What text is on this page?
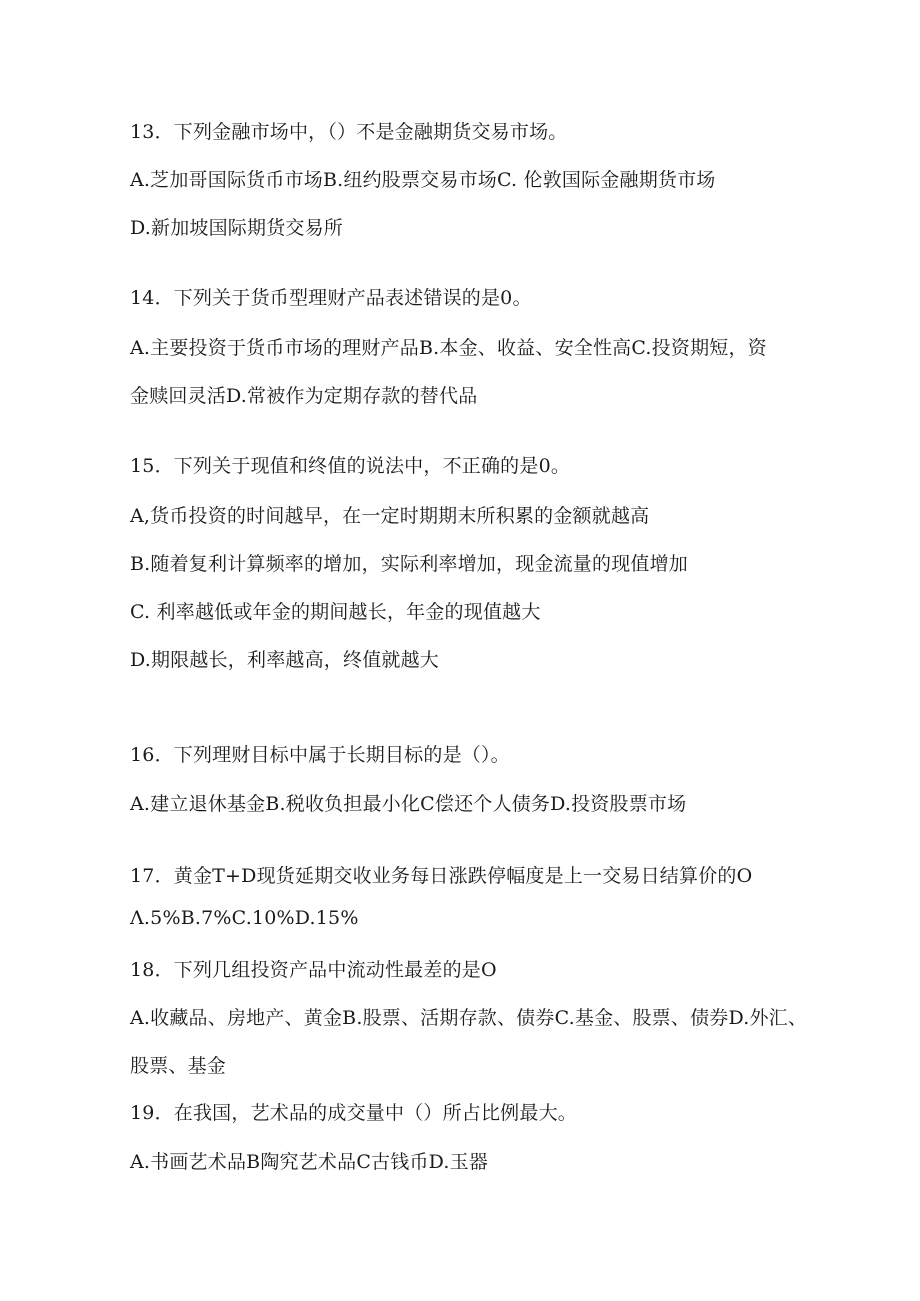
13．下列金融市场中，（）不是金融期货交易市场。
A.芝加哥国际货币市场B.纽约股票交易市场C. 伦敦国际金融期货市场
D.新加坡国际期货交易所
14．下列关于货币型理财产品表述错误的是0。
A.主要投资于货币市场的理财产品B.本金、收益、安全性高C.投资期短，资
金赎回灵活D.常被作为定期存款的替代品
15．下列关于现值和终值的说法中，不正确的是0。
A,货币投资的时间越早，在一定时期期末所积累的金额就越高
B.随着复利计算频率的增加，实际利率增加，现金流量的现值增加
C. 利率越低或年金的期间越长，年金的现值越大
D.期限越长，利率越高，终值就越大
16．下列理财目标中属于长期目标的是（）。
A.建立退休基金B.税收负担最小化C偿还个人债务D.投资股票市场
17．黄金T+D现货延期交收业务每日涨跌停幅度是上一交易日结算价的O
Λ.5%B.7%C.10%D.15%
18．下列几组投资产品中流动性最差的是O
A.收藏品、房地产、黄金B.股票、活期存款、债券C.基金、股票、债券D.外汇、
股票、基金
19．在我国，艺术品的成交量中（）所占比例最大。
A.书画艺术品B陶究艺术品C古钱币D.玉器
